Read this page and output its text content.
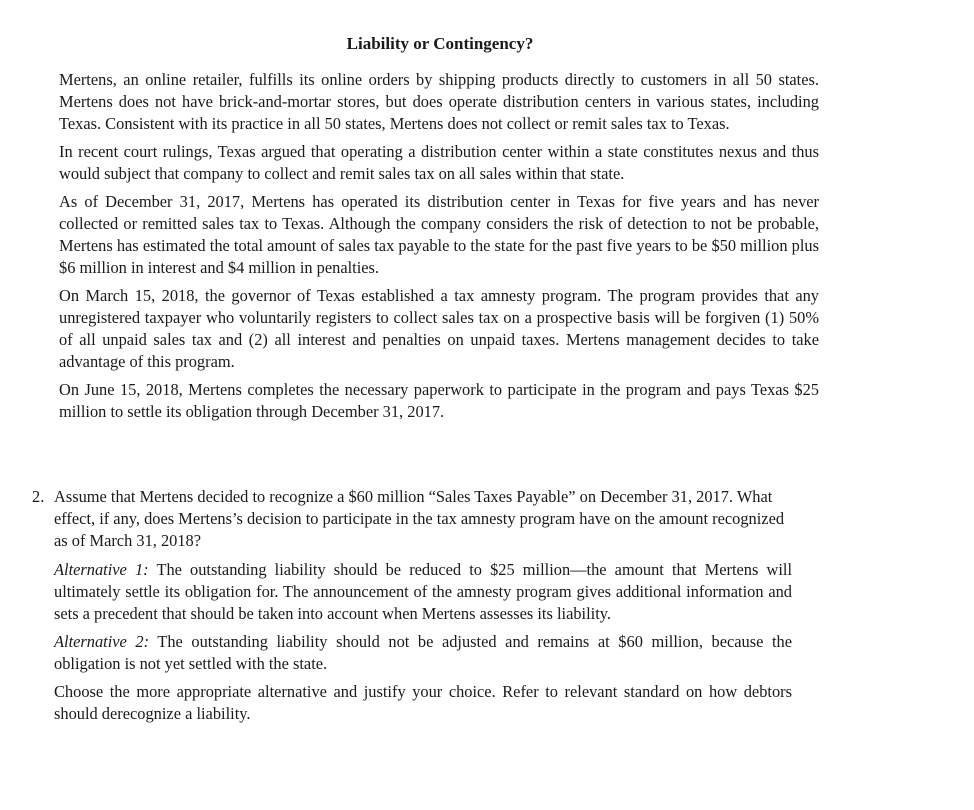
Liability or Contingency?

Mertens, an online retailer, fulfills its online orders by shipping products directly to customers in all 50 states. Mertens does not have brick-and-mortar stores, but does operate distribution centers in various states, including Texas. Consistent with its practice in all 50 states, Mertens does not collect or remit sales tax to Texas.

In recent court rulings, Texas argued that operating a distribution center within a state constitutes nexus and thus would subject that company to collect and remit sales tax on all sales within that state.

As of December 31, 2017, Mertens has operated its distribution center in Texas for five years and has never collected or remitted sales tax to Texas. Although the company considers the risk of detection to not be probable, Mertens has estimated the total amount of sales tax payable to the state for the past five years to be $50 million plus $6 million in interest and $4 million in penalties.

On March 15, 2018, the governor of Texas established a tax amnesty program. The program provides that any unregistered taxpayer who voluntarily registers to collect sales tax on a prospective basis will be forgiven (1) 50% of all unpaid sales tax and (2) all interest and penalties on unpaid taxes. Mertens management decides to take advantage of this program.

On June 15, 2018, Mertens completes the necessary paperwork to participate in the program and pays Texas $25 million to settle its obligation through December 31, 2017.

2. Assume that Mertens decided to recognize a $60 million “Sales Taxes Payable” on December 31, 2017. What effect, if any, does Mertens’s decision to participate in the tax amnesty program have on the amount recognized as of March 31, 2018?

Alternative 1: The outstanding liability should be reduced to $25 million—the amount that Mertens will ultimately settle its obligation for. The announcement of the amnesty program gives additional information and sets a precedent that should be taken into account when Mertens assesses its liability.

Alternative 2: The outstanding liability should not be adjusted and remains at $60 million, because the obligation is not yet settled with the state.

Choose the more appropriate alternative and justify your choice. Refer to relevant standard on how debtors should derecognize a liability.
